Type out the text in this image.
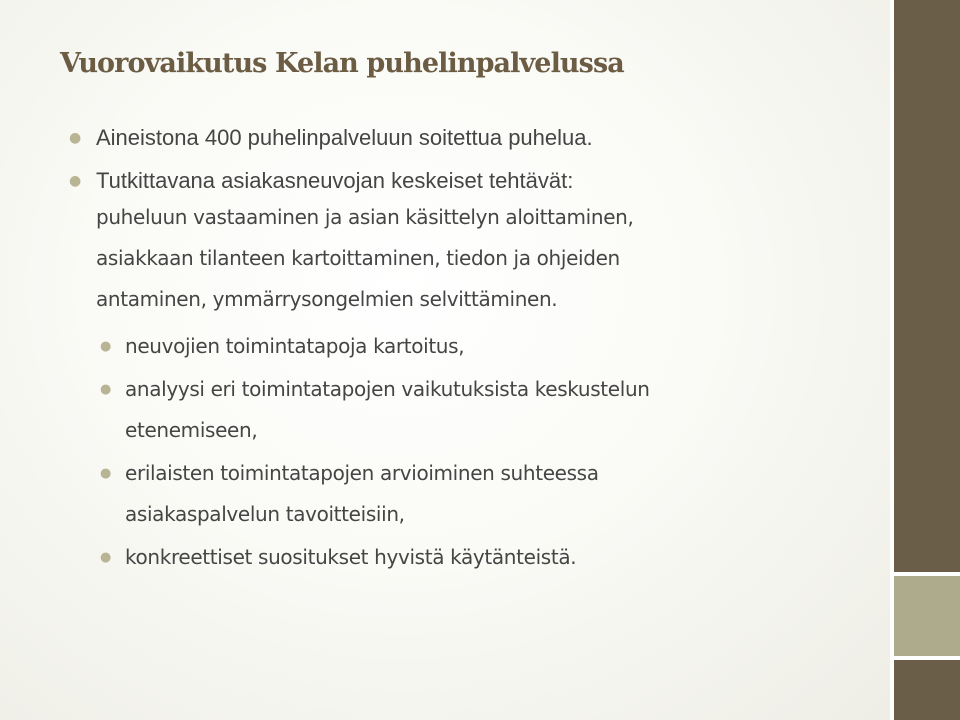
Vuorovaikutus Kelan puhelinpalvelussa
● Aineistona 400 puhelinpalveluun soitettua puhelua.
● Tutkittavana asiakasneuvojan keskeiset tehtävät:
puheluun vastaaminen ja asian käsittelyn aloittaminen,
asiakkaan tilanteen kartoittaminen, tiedon ja ohjeiden
antaminen, ymmärrysongelmien selvittäminen.
● neuvojien toimintatapoja kartoitus,
● analyysi eri toimintatapojen vaikutuksista keskustelun
etenemiseen,
● erilaisten toimintatapojen arvioiminen suhteessa
asiakaspalvelun tavoitteisiin,
● konkreettiset suositukset hyvistä käytänteistä.
